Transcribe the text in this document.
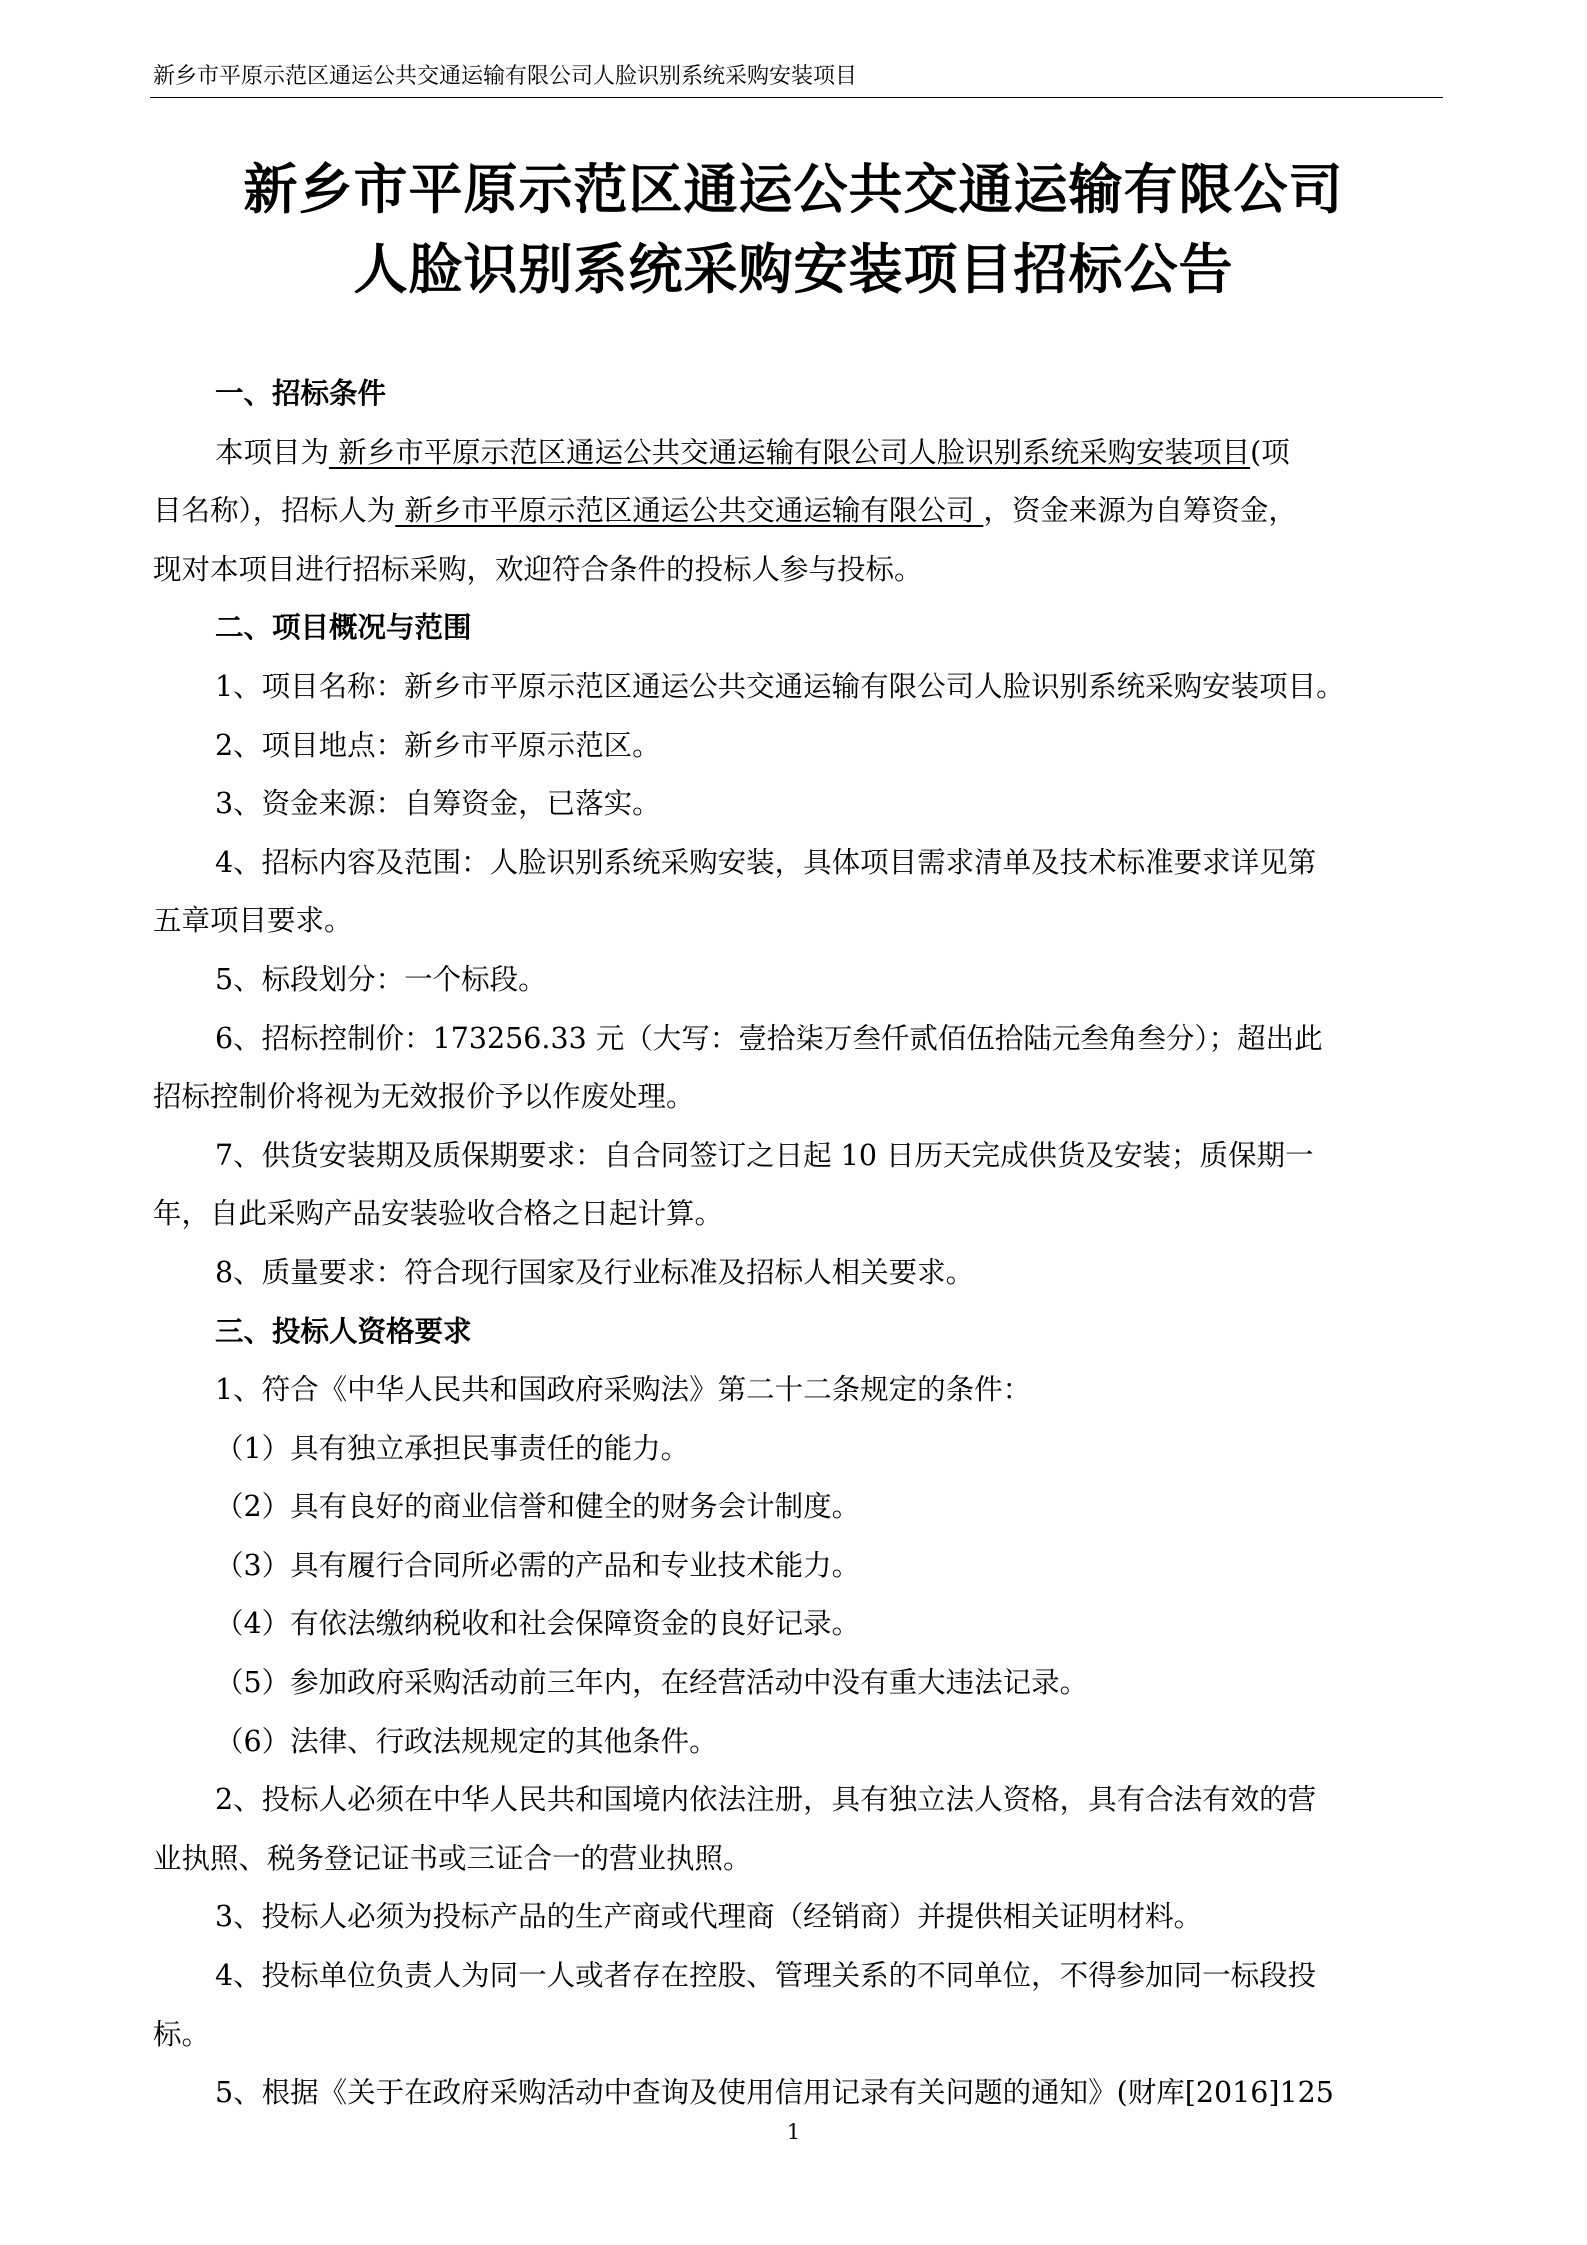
新乡市平原示范区通运公共交通运输有限公司人脸识别系统采购安装项目
新乡市平原示范区通运公共交通运输有限公司
人脸识别系统采购安装项目招标公告
一、招标条件
本项目为 新乡市平原示范区通运公共交通运输有限公司人脸识别系统采购安装项目(项
目名称），招标人为 新乡市平原示范区通运公共交通运输有限公司 ，资金来源为自筹资金，
现对本项目进行招标采购，欢迎符合条件的投标人参与投标。
二、项目概况与范围
1、项目名称：新乡市平原示范区通运公共交通运输有限公司人脸识别系统采购安装项目。
2、项目地点：新乡市平原示范区。
3、资金来源：自筹资金，已落实。
4、招标内容及范围：人脸识别系统采购安装，具体项目需求清单及技术标准要求详见第
五章项目要求。
5、标段划分：一个标段。
6、招标控制价：173256.33 元（大写：壹拾柒万叁仟贰佰伍拾陆元叁角叁分）；超出此
招标控制价将视为无效报价予以作废处理。
7、供货安装期及质保期要求：自合同签订之日起 10 日历天完成供货及安装；质保期一
年，自此采购产品安装验收合格之日起计算。
8、质量要求：符合现行国家及行业标准及招标人相关要求。
三、投标人资格要求
1、符合《中华人民共和国政府采购法》第二十二条规定的条件：
（1）具有独立承担民事责任的能力。
（2）具有良好的商业信誉和健全的财务会计制度。
（3）具有履行合同所必需的产品和专业技术能力。
（4）有依法缴纳税收和社会保障资金的良好记录。
（5）参加政府采购活动前三年内，在经营活动中没有重大违法记录。
（6）法律、行政法规规定的其他条件。
2、投标人必须在中华人民共和国境内依法注册，具有独立法人资格，具有合法有效的营
业执照、税务登记证书或三证合一的营业执照。
3、投标人必须为投标产品的生产商或代理商（经销商）并提供相关证明材料。
4、投标单位负责人为同一人或者存在控股、管理关系的不同单位，不得参加同一标段投
标。
5、根据《关于在政府采购活动中查询及使用信用记录有关问题的通知》(财库[2016]125
1
